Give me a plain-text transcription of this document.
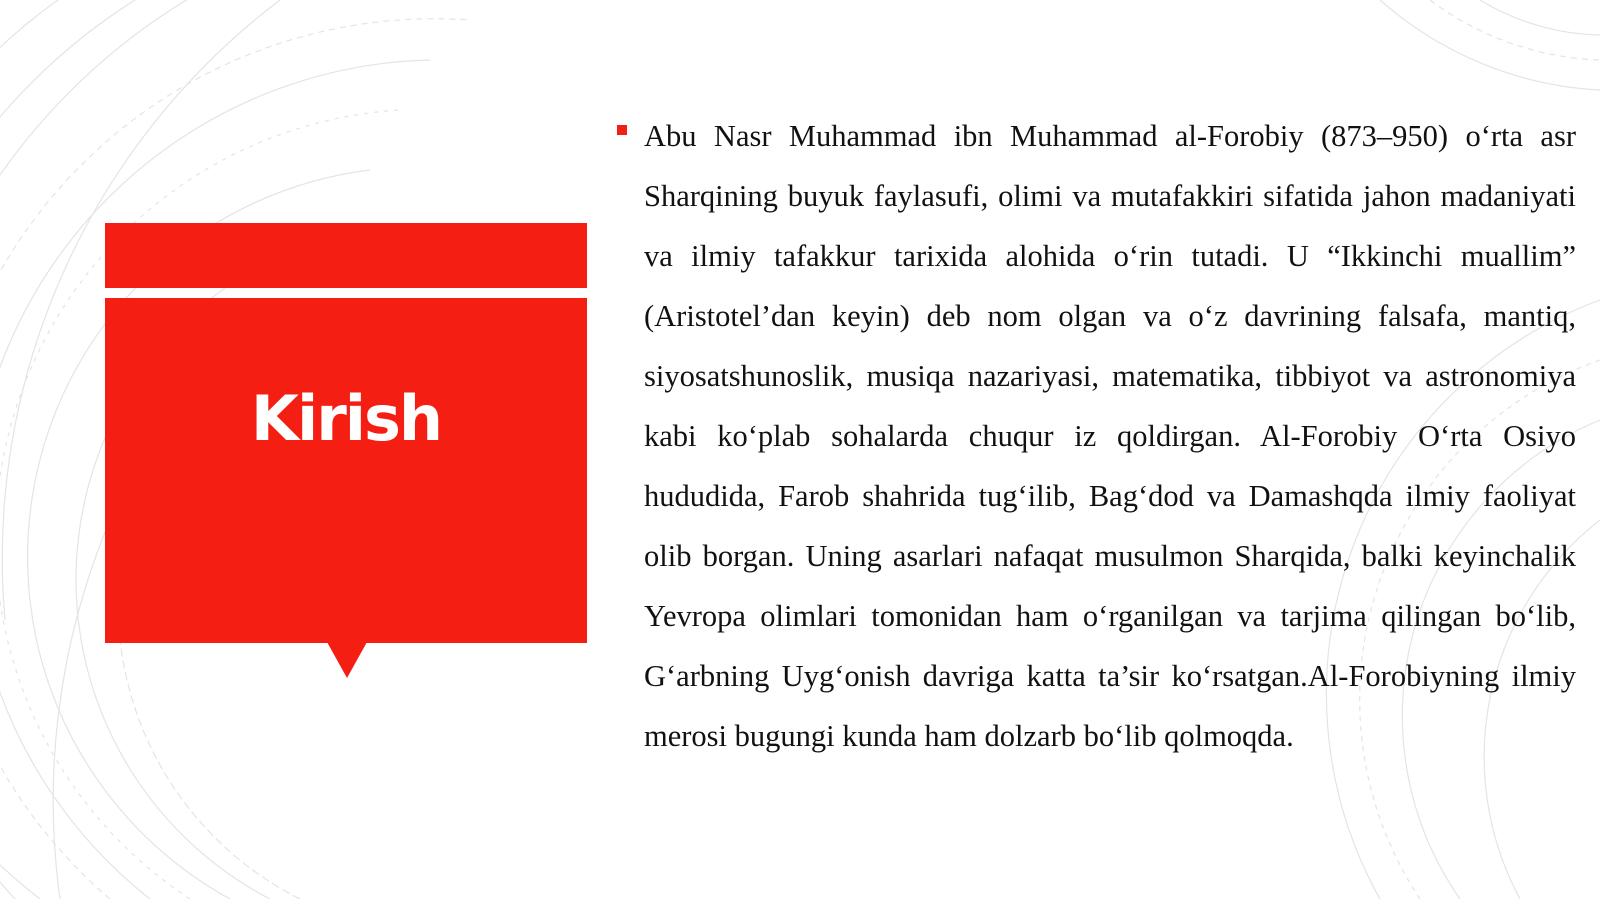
Kirish

Abu Nasr Muhammad ibn Muhammad al-Forobiy (873–950) o‘rta asr Sharqining buyuk faylasufi, olimi va mutafakkiri sifatida jahon madaniyati va ilmiy tafakkur tarixida alohida o‘rin tutadi. U “Ikkinchi muallim” (Aristotel’dan keyin) deb nom olgan va o‘z davrining falsafa, mantiq, siyosatshunoslik, musiqa nazariyasi, matematika, tibbiyot va astronomiya kabi ko‘plab sohalarda chuqur iz qoldirgan. Al-Forobiy O‘rta Osiyo hududida, Farob shahrida tug‘ilib, Bag‘dod va Damashqda ilmiy faoliyat olib borgan. Uning asarlari nafaqat musulmon Sharqida, balki keyinchalik Yevropa olimlari tomonidan ham o‘rganilgan va tarjima qilingan bo‘lib, G‘arbning Uyg‘onish davriga katta ta’sir ko‘rsatgan.Al-Forobiyning ilmiy merosi bugungi kunda ham dolzarb bo‘lib qolmoqda.
